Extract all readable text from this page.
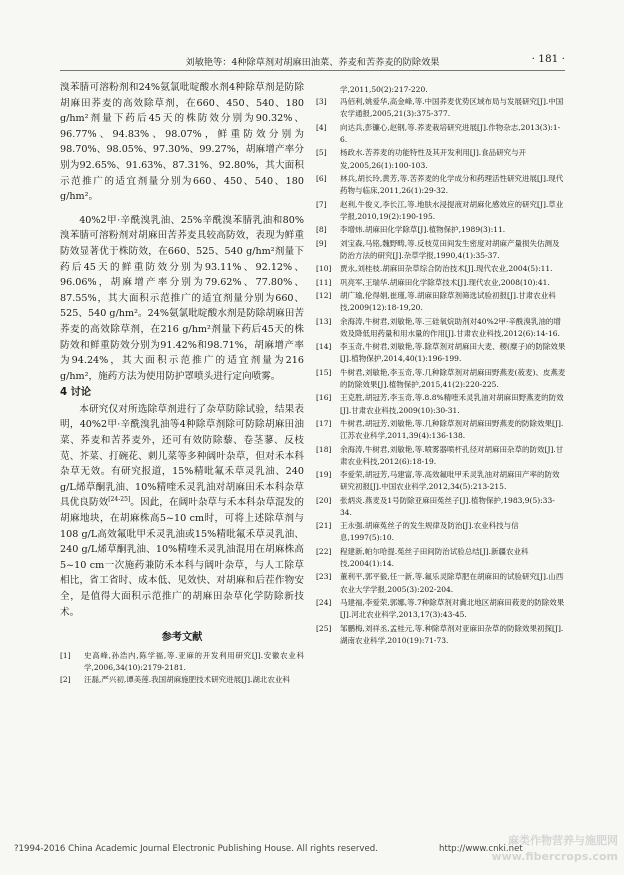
刘敏艳等：4种除草剂对胡麻田油菜、荞麦和苦荞麦的防除效果	· 181 ·

溴苯腈可溶粉剂和24%氨氯吡啶酸水剂4种除草剂是防除胡麻田荞麦的高效除草剂，在660、450、540、180 g/hm²剂量下药后45天的株防效分别为90.32%、96.77%、94.83%、98.07%，鲜重防效分别为98.70%、98.05%、97.30%、99.27%，胡麻增产率分别为92.65%、91.63%、87.31%、92.80%，其大面积示范推广的适宜剂量分别为660、450、540、180 g/hm²。

40%2甲·辛酰溴乳油、25%辛酰溴苯腈乳油和80%溴苯腈可溶粉剂对胡麻田苦荞麦具较高防效，表现为鲜重防效显著优于株防效，在660、525、540 g/hm²剂量下药后45天的鲜重防效分别为93.11%、92.12%、96.06%，胡麻增产率分别为79.62%、77.80%、87.55%，其大面积示范推广的适宜剂量分别为660、525、540 g/hm²。24%氨氯吡啶酸水剂是防除胡麻田苦荞麦的高效除草剂，在216 g/hm²剂量下药后45天的株防效和鲜重防效分别为91.42%和98.71%，胡麻增产率为94.24%，其大面积示范推广的适宜剂量为216 g/hm²，施药方法为使用防护罩喷头进行定向喷雾。

4 讨论

本研究仅对所选除草剂进行了杂草防除试验，结果表明，40%2甲·辛酰溴乳油等4种除草剂除可防除胡麻田油菜、荞麦和苦荞麦外，还可有效防除藜、卷茎蓼、反枝苋、芥菜、打碗花、刺儿菜等多种阔叶杂草，但对禾本科杂草无效。有研究报道，15%精吡氟禾草灵乳油、240 g/L烯草酮乳油、10%精喹禾灵乳油对胡麻田禾本科杂草具优良防效[24-25]。因此，在阔叶杂草与禾本科杂草混发的胡麻地块，在胡麻株高5~10 cm时，可将上述除草剂与108 g/L高效氟吡甲禾灵乳油或15%精吡氟禾草灵乳油、240 g/L烯草酮乳油、10%精喹禾灵乳油混用在胡麻株高5~10 cm一次施药兼防禾本科与阔叶杂草，与人工除草相比，省工省时、成本低、见效快、对胡麻和后茬作物安全，是值得大面积示范推广的胡麻田杂草化学防除新技术。

参考文献
[1]	史高峰,孙浩内,陈学福,等.亚麻的开发利用研究[J].安徽农业科学,2006,34(10):2179-2181.
[2]	汪磊,严兴初,谭美莲.我国胡麻施肥技术研究进展[J].湖北农业科
学,2011,50(2):217-220.
[3]	冯佰利,姚爱华,高金峰,等.中国荞麦优势区域布局与发展研究[J].中国农学通报,2005,21(3):375-377.
[4]	向达兵,彭镰心,赵钢,等.荞麦栽培研究进展[J].作物杂志,2013(3):1-6.
[5]	杨政水.苦荞麦的功能特性及其开发利用[J].食品研究与开发,2005,26(1):100-103.
[6]	林兵,胡长玲,黄芳,等.苦荞麦的化学成分和药理活性研究进展[J].现代药物与临床,2011,26(1):29-32.
[7]	赵利,牛俊义,李长江,等.地肤水浸提液对胡麻化感效应的研究[J].草业学报,2010,19(2):190-195.
[8]	李增炜.胡麻田化学除草[J].植物保护,1989(3):11.
[9]	刘宝森,马铭,魏野畴,等.反枝苋田间发生密度对胡麻产量损失估测及防治方法的研究[J].杂草学报,1990,4(1):35-37.
[10]	贾永,刘桂枝.胡麻田杂草综合防治技术[J].现代农业,2004(5):11.
[11]	巩亮军,王瑞华.胡麻田化学除草技术[J].现代农业,2008(10):41.
[12]	胡广瑜,伦得娟,崔瑾,等.胡麻田除草剂筛选试验初报[J].甘肃农业科技,2009(12):18-19,20.
[13]	余海涛,牛树君,刘敏艳,等.三硅氧烷助剂对40%2甲·辛酰溴乳油的增效及降低用药量和用水量的作用[J].甘肃农业科技,2012(6):14-16.
[14]	李玉奇,牛树君,刘敏艳,等.除草剂对胡麻田大麦、稷(糜子)的防除效果[J].植物保护,2014,40(1):196-199.
[15]	牛树君,刘敏艳,李玉奇,等.几种除草剂对胡麻田野燕麦(莜麦)、皮燕麦的防除效果[J].植物保护,2015,41(2):220-225.
[16]	王克胜,胡冠芳,李玉奇,等.8.8%精喹禾灵乳油对胡麻田野燕麦的防效[J].甘肃农业科技,2009(10):30-31.
[17]	牛树君,胡冠芳,刘敏艳,等.几种除草剂对胡麻田野燕麦的防除效果[J].江苏农业科学,2011,39(4):136-138.
[18]	余海涛,牛树君,刘敏艳,等.喷雾器喷杆孔径对胡麻田杂草的防效[J].甘肃农业科技,2012(6):18-19.
[19]	李爱荣,胡冠芳,马建富,等.高效氟吡甲禾灵乳油对胡麻田产率的防效研究初报[J].中国农业科学,2012,34(5):213-215.
[20]	张炳炎.燕麦及1号防除亚麻田菟丝子[J].植物保护,1983,9(5):33-34.
[21]	王永强.胡麻菟丝子的发生规律及防治[J].农业科技与信息,1997(5):10.
[22]	程建新,帕尔哈提.菟丝子田间防治试验总结[J].新疆农业科技,2004(1):14.
[23]	董利平,郭平毅,任一新,等.氟乐灵除草肥在胡麻田的试验研究[J].山西农业大学学报,2005(3):202-204.
[24]	马建福,李爱荣,郭娜,等.7种除草剂对冀北地区胡麻田莜麦的防除效果[J].河北农业科学,2013,17(3):43-45.
[25]	邹鹏梅,刘祥丞,孟桂元,等.种除草剂对亚麻田杂草的防除效果初探[J].湖南农业科学,2010(19):71-73.
?1994-2016 China Academic Journal Electronic Publishing House. All rights reserved.	http://www.cnki.net
麻类作物营养与施肥网
www.fibercrops.com
